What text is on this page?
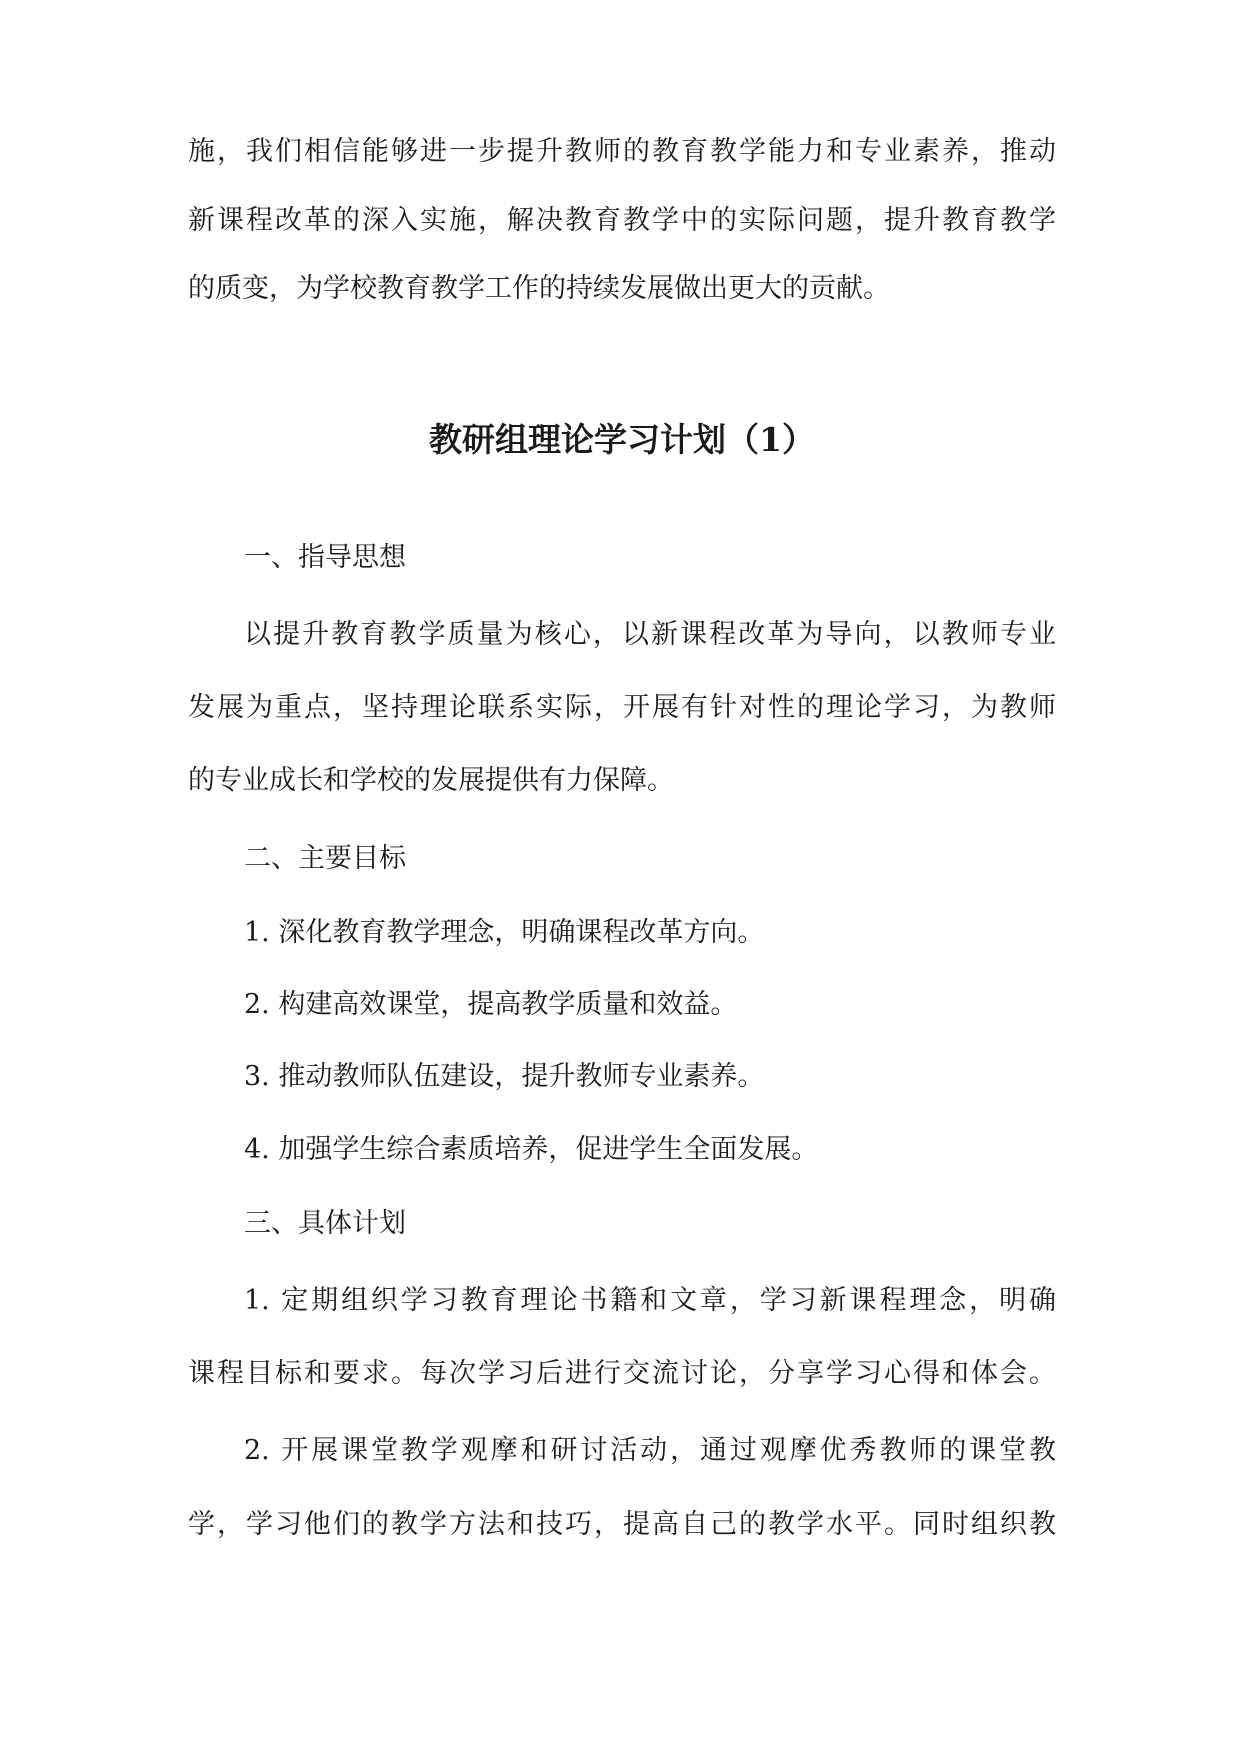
施，我们相信能够进一步提升教师的教育教学能力和专业素养，推动
新课程改革的深入实施，解决教育教学中的实际问题，提升教育教学
的质变，为学校教育教学工作的持续发展做出更大的贡献。
教研组理论学习计划（1）
一、指导思想
以提升教育教学质量为核心，以新课程改革为导向，以教师专业
发展为重点，坚持理论联系实际，开展有针对性的理论学习，为教师
的专业成长和学校的发展提供有力保障。
二、主要目标
1. 深化教育教学理念，明确课程改革方向。
2. 构建高效课堂，提高教学质量和效益。
3. 推动教师队伍建设，提升教师专业素养。
4. 加强学生综合素质培养，促进学生全面发展。
三、具体计划
1. 定期组织学习教育理论书籍和文章，学习新课程理念，明确
课程目标和要求。每次学习后进行交流讨论，分享学习心得和体会。
2. 开展课堂教学观摩和研讨活动，通过观摩优秀教师的课堂教
学，学习他们的教学方法和技巧，提高自己的教学水平。同时组织教
